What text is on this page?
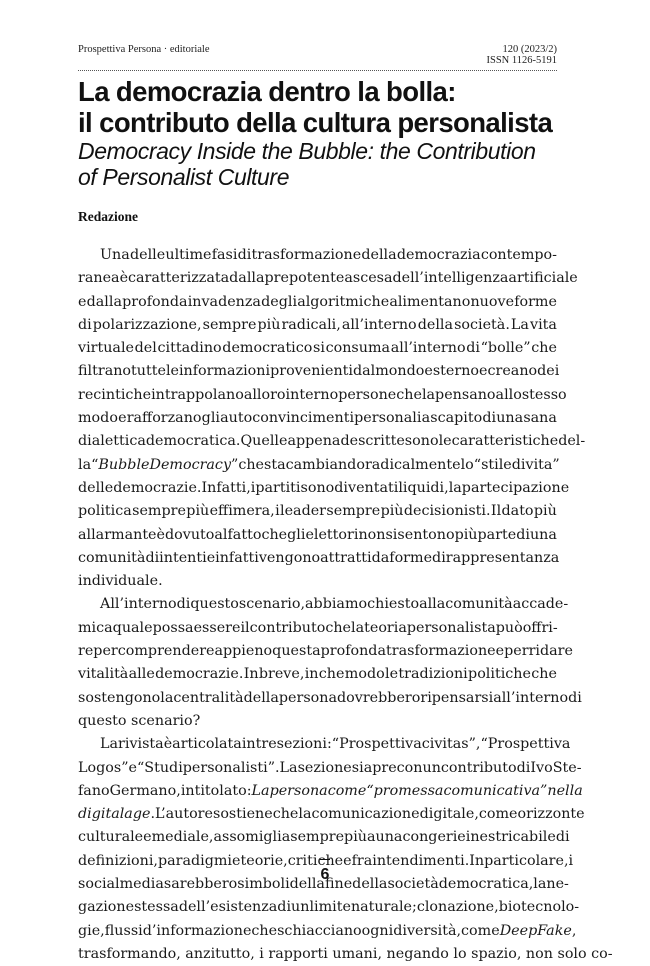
Prospettiva Persona · editoriale	120 (2023/2)
ISSN 1126-5191
La democrazia dentro la bolla:
il contributo della cultura personalista
Democracy Inside the Bubble: the Contribution
of Personalist Culture
Redazione
Una delle ultime fasi di trasformazione della democrazia contempo-
ranea è caratterizzata dalla prepotente ascesa dell’intelligenza artificiale
e dalla profonda invadenza degli algoritmi che alimentano nuove forme
di polarizzazione, sempre più radicali, all’interno della società. La vita
virtuale del cittadino democratico si consuma all’interno di “bolle” che
filtrano tutte le informazioni provenienti dal mondo esterno e creano dei
recinti che intrappolano al loro interno persone che la pensano allo stesso
modo e rafforzano gli autoconvincimenti personali a scapito di una sana
dialettica democratica. Quelle appena descritte sono le caratteristiche del-
la “ Bubble Democracy ” che sta cambiando radicalmente lo “stile di vita”
delle democrazie. Infatti, i partiti sono diventati liquidi, la partecipazione
politica sempre più effimera, i leader sempre più decisionisti. Il dato più
allarmante è dovuto al fatto che gli elettori non si sentono più parte di una
comunità di intenti e infatti vengono attratti da forme di rappresentanza
individuale.
All’interno di questo scenario, abbiamo chiesto alla comunità accade-
mica quale possa essere il contributo che la teoria personalista può offri-
re per comprendere appieno questa profonda trasformazione e per ridare
vitalità alle democrazie. In breve, in che modo le tradizioni politiche che
sostengono la centralità della persona dovrebbero ripensarsi all’interno di
questo scenario?
La rivista è articolata in tre sezioni: “Prospettiva civitas”, “Prospettiva
Logos” e “Studi personalisti”. La sezione si apre con un contributo di Ivo Ste-
fano Germano, intitolato: La persona come “promessa comunicativa” nella
digital age . L’autore sostiene che la comunicazione digitale, come orizzonte
culturale e mediale, assomiglia sempre più a una congerie inestricabile di
definizioni, paradigmi e teorie, critiche e fraintendimenti. In particolare, i
social media sarebbero simboli della fine della società democratica, la ne-
gazione stessa dell’esistenza di un limite naturale; clonazione, biotecnolo-
gie, flussi d’informazione che schiacciano ogni diversità, come Deep Fake ,
trasformando, anzitutto, i rapporti umani, negando lo spazio, non solo co-
6
